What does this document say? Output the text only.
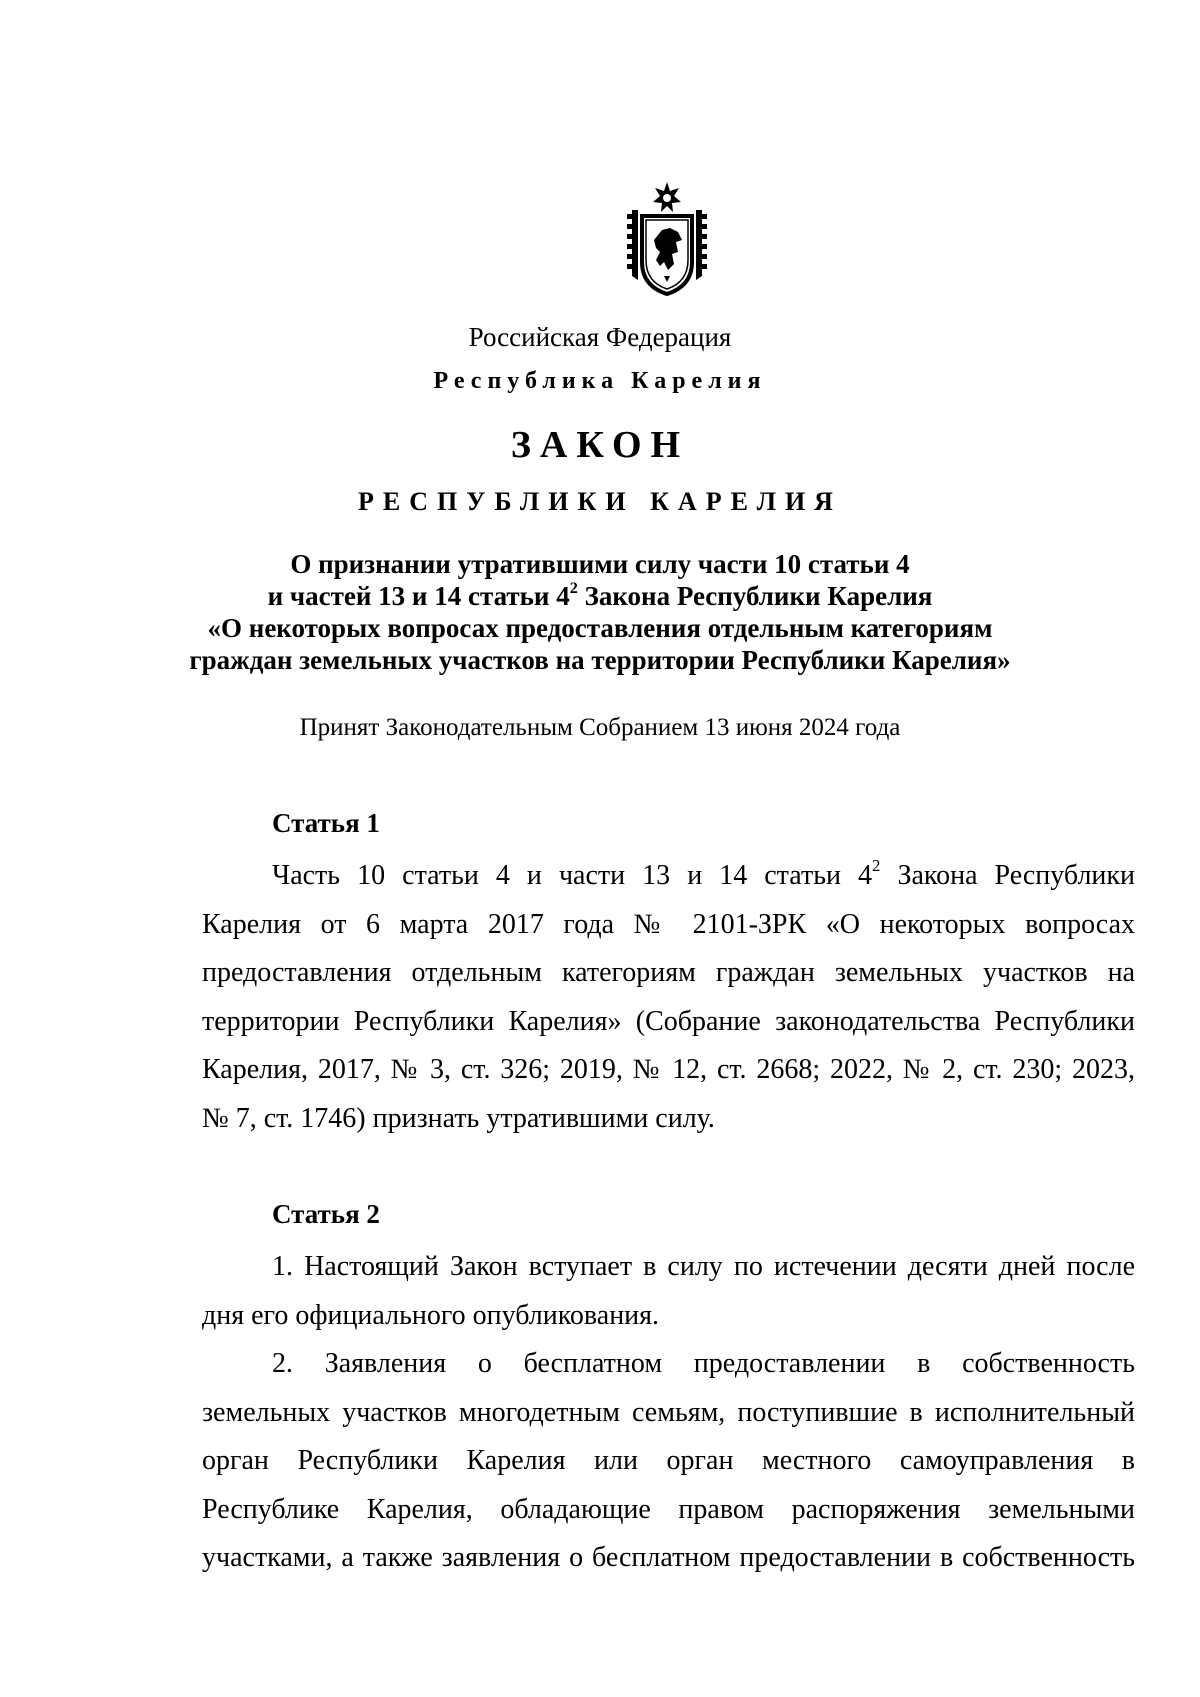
Российская Федерация
Республика Карелия
ЗАКОН
РЕСПУБЛИКИ КАРЕЛИЯ
О признании утратившими силу части 10 статьи 4
и частей 13 и 14 статьи $4^2$ Закона Республики Карелия
«О некоторых вопросах предоставления отдельным категориям
граждан земельных участков на территории Республики Карелия»
Принят Законодательным Собранием 13 июня 2024 года
Статья 1
Часть 10 статьи 4 и части 13 и 14 статьи $4^2$ Закона Республики
Карелия от 6 марта 2017 года № 2101-ЗРК «О некоторых вопросах
предоставления отдельным категориям граждан земельных участков на
территории Республики Карелия» (Собрание законодательства Республики
Карелия, 2017, № 3, ст. 326; 2019, № 12, ст. 2668; 2022, № 2, ст. 230; 2023,
№ 7, ст. 1746) признать утратившими силу.
Статья 2
1. Настоящий Закон вступает в силу по истечении десяти дней после
дня его официального опубликования.
2. Заявления о бесплатном предоставлении в собственность
земельных участков многодетным семьям, поступившие в исполнительный
орган Республики Карелия или орган местного самоуправления в
Республике Карелия, обладающие правом распоряжения земельными
участками, а также заявления о бесплатном предоставлении в собственность
